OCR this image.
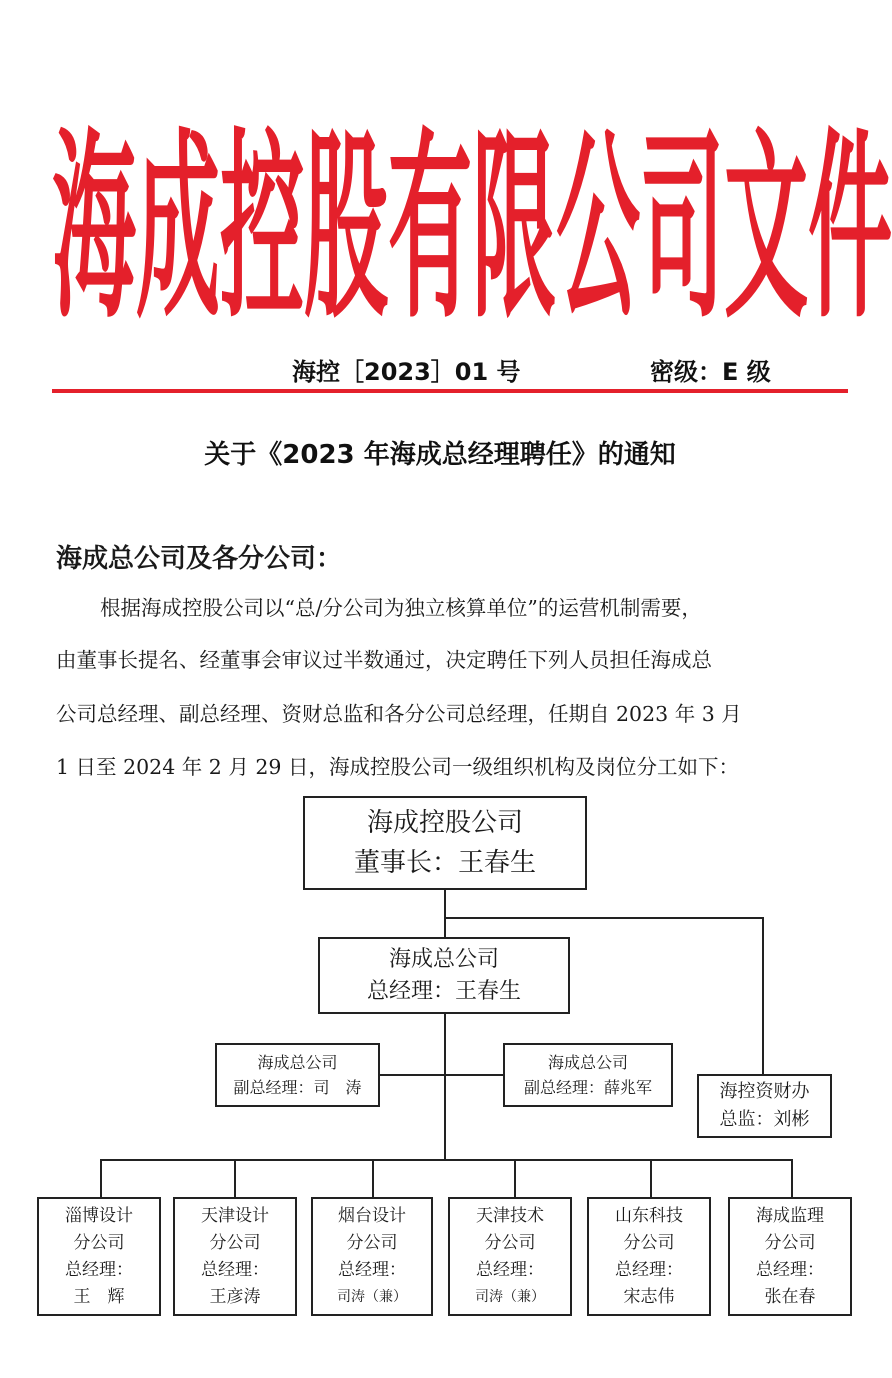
海 成 控 股 有 限 公 司 文 件
海控［2023］01 号	密级：E 级
关于《2023 年海成总经理聘任》的通知
海成总公司及各分公司：
根据海成控股公司以“总/分公司为独立核算单位”的运营机制需要，
由董事长提名、经董事会审议过半数通过，决定聘任下列人员担任海成总
公司总经理、副总经理、资财总监和各分公司总经理，任期自 2023 年 3 月
1 日至 2024 年 2 月 29 日，海成控股公司一级组织机构及岗位分工如下：
海成控股公司
董事长：王春生
海成总公司
总经理：王春生
海成总公司
副总经理：司　涛
海成总公司
副总经理：薛兆军	海控资财办
总监：刘彬
淄博设计
分公司
总经理：
王　辉
天津设计
分公司
总经理：
王彦涛
烟台设计
分公司
总经理：
司涛（兼）
天津技术
分公司
总经理：
司涛（兼）
山东科技
分公司
总经理：
宋志伟
海成监理
分公司
总经理：
张在春
